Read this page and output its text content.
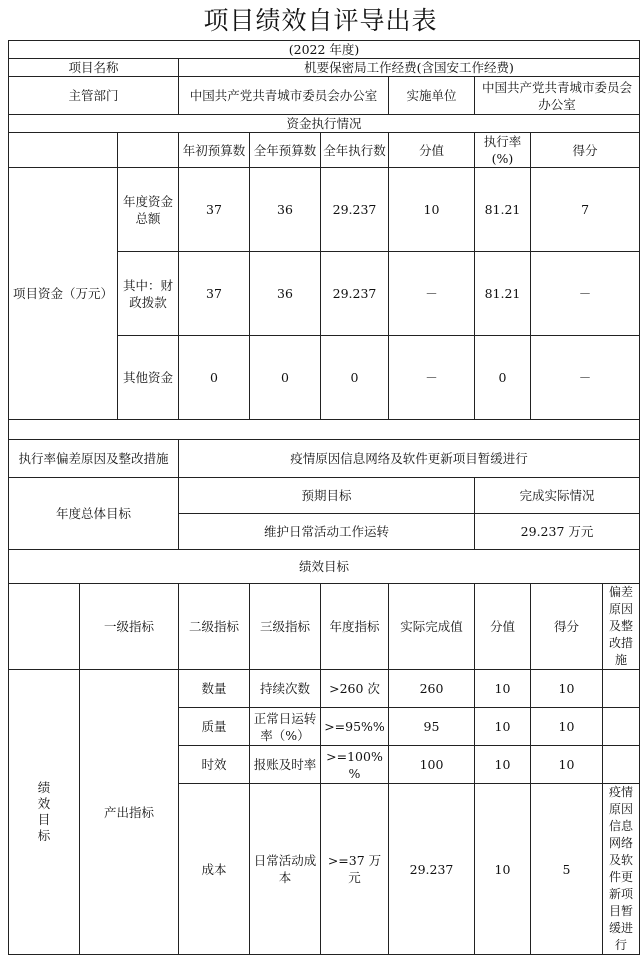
项目绩效自评导出表
(2022 年度)									
项目名称			机要保密局工作经费(含国安工作经费)						
主管部门			中国共产党共青城市委员会办公室			实施单位	中国共产党共青城市委员会办公室		
资金执行情况									
			年初预算数	全年预算数	全年执行数	分值	执行率(%)	得分	
项目资金（万元）		年度资金总额	37	36	29.237	10	81.21	7	
		其中：财政拨款	37	36	29.237	－	81.21	－	
		其他资金	0	0	0	－	0	－	

执行率偏差原因及整改措施			疫情原因信息网络及软件更新项目暂缓进行						
年度总体目标			预期目标				完成实际情况		
			维护日常活动工作运转				29.237 万元		
绩效目标									
	一级指标		二级指标	三级指标	年度指标	实际完成值	分值	得分	偏差原因及整改措施

绩效目标	产出指标		数量	持续次数	>260 次	260	10	10	
			质量	正常日运转率（%）	>=95%%	95	10	10	
			时效	报账及时率	>=100%%	100	10	10	
			成本	日常活动成本	>=37 万元	29.237	10	5	疫情原因信息网络及软件更新项目暂缓进行
